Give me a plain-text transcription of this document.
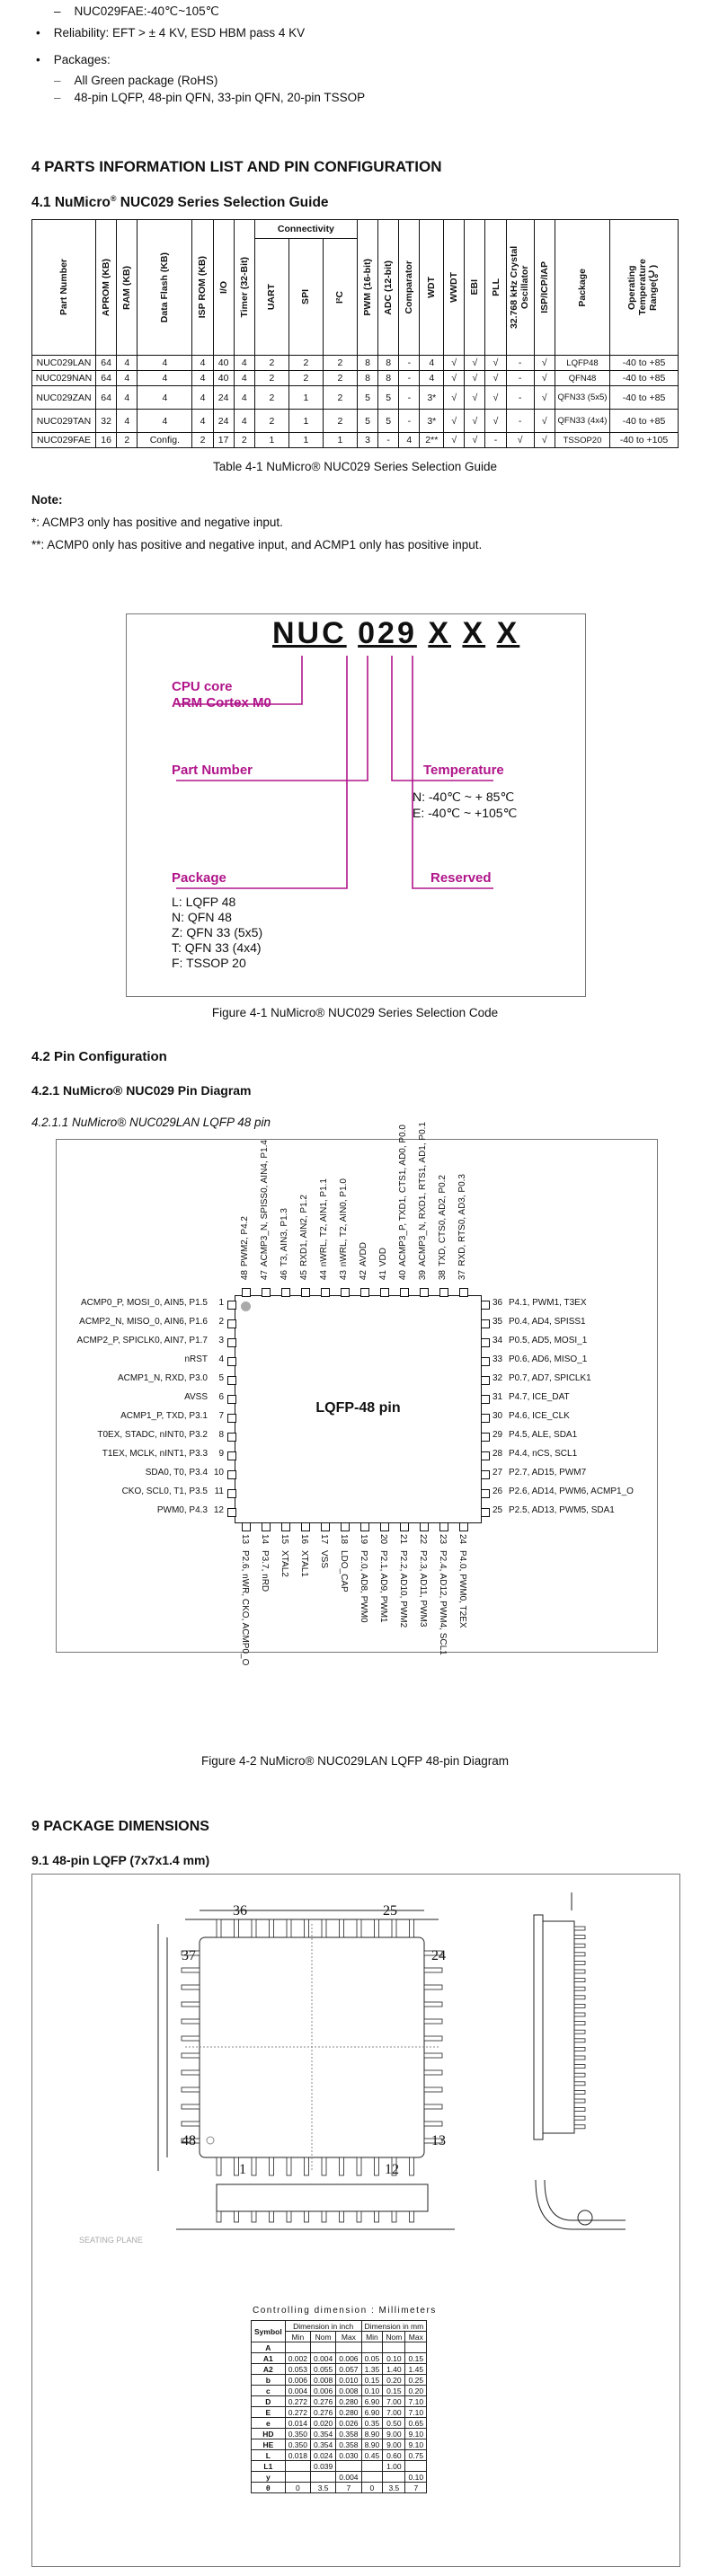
–    NUC029FAE:-40℃~105℃
•    Reliability: EFT > ± 4 KV, ESD HBM pass 4 KV
•    Packages:
– All Green package (RoHS)
– 48-pin LQFP, 48-pin QFN, 33-pin QFN, 20-pin TSSOP
4 PARTS INFORMATION LIST AND PIN CONFIGURATION
4.1 NuMicro® NUC029 Series Selection Guide
Part Number	APROM (KB)	RAM (KB)	Data Flash (KB)	ISP ROM (KB)	I/O	Timer (32-Bit)	Connectivity			PWM (16-bit)	ADC (12-bit)	Comparator	WDT	WWDT	EBI	PLL	32.768 kHz Crystal Oscillator	ISP/ICP/IAP	Package	Operating Temperature Range(℃)

							UART	SPI	I²C											

NUC029LAN	64	4	4	4	40	4	2	2	2	8	8	-	4	√	√	√	-	√	LQFP48	-40 to +85
NUC029NAN	64	4	4	4	40	4	2	2	2	8	8	-	4	√	√	√	-	√	QFN48	-40 to +85
NUC029ZAN	64	4	4	4	24	4	2	1	2	5	5	-	3*	√	√	√	-	√	QFN33 (5x5)	-40 to +85
NUC029TAN	32	4	4	4	24	4	2	1	2	5	5	-	3*	√	√	√	-	√	QFN33 (4x4)	-40 to +85
NUC029FAE	16	2	Config.	2	17	2	1	1	1	3	-	4	2**	√	√	-	√	√	TSSOP20	-40 to +105
Table 4-1 NuMicro® NUC029 Series Selection Guide
Note:
*: ACMP3 only has positive and negative input.
**: ACMP0 only has positive and negative input, and ACMP1 only has positive input.
NUC 029 X X X
CPU core
ARM Cortex M0
Part Number	Temperature
N: -40℃ ~ + 85℃
E: -40℃ ~ +105℃
Package	Reserved
L: LQFP 48
N: QFN 48
Z: QFN 33 (5x5)
T: QFN 33 (4x4)
F: TSSOP 20
Figure 4-1 NuMicro® NUC029 Series Selection Code
4.2 Pin Configuration
4.2.1 NuMicro® NUC029 Pin Diagram
4.2.1.1 NuMicro® NUC029LAN LQFP 48 pin
LQFP-48 pin
1
ACMP0_P, MOSI_0, AIN5, P1.5
2
ACMP2_N, MISO_0, AIN6, P1.6
3
ACMP2_P, SPICLK0, AIN7, P1.7
4
nRST
5
ACMP1_N, RXD, P3.0
6
AVSS
7
ACMP1_P, TXD, P3.1
8
T0EX, STADC, nINT0, P3.2
9
T1EX, MCLK, nINT1, P3.3
10
SDA0, T0, P3.4
11
CKO, SCL0, T1, P3.5
12
PWM0, P4.3
36 P4.1, PWM1, T3EX
35 P0.4, AD4, SPISS1
34 P0.5, AD5, MOSI_1
33 P0.6, AD6, MISO_1
32 P0.7, AD7, SPICLK1
31 P4.7, ICE_DAT
30 P4.6, ICE_CLK
29 P4.5, ALE, SDA1
28 P4.4, nCS, SCL1
27 P2.7, AD15, PWM7
26 P2.6, AD14, PWM6, ACMP1_O
25 P2.5, AD13, PWM5, SDA1
48
PWM2, P4.2
47
ACMP3_N, SPISS0, AIN4, P1.4
46
T3, AIN3, P1.3
45
RXD1, AIN2, P1.2
44
nWRL, T2, AIN1, P1.1
43
nWRL, T2, AIN0, P1.0
42
AVDD
41
VDD
40
ACMP3_P, TXD1, CTS1, AD0, P0.0
39
ACMP3_N, RXD1, RTS1, AD1, P0.1
38
TXD, CTS0, AD2, P0.2
37
RXD, RTS0, AD3, P0.3
13
P2.6, nWR, CKO, ACMP0_O
14
P3.7, nRD
15
XTAL2
16
XTAL1
17
VSS
18
LDO_CAP
19
P2.0, AD8, PWM0
20
P2.1, AD9, PWM1
21
P2.2, AD10, PWM2
22
P2.3, AD11, PWM3
23
P2.4, AD12, PWM4, SCL1
24
P4.0, PWM0, T2EX
Figure 4-2 NuMicro® NUC029LAN LQFP 48-pin Diagram
9 PACKAGE DIMENSIONS
9.1 48-pin LQFP (7x7x1.4 mm)
36	25
37	24
48	13
1	12
SEATING PLANE
Controlling dimension : Millimeters
Symbol	Dimension in inch			Dimension in mm		
	Min	Nom	Max	Min	Nom	Max
A						
A1	0.002	0.004	0.006	0.05	0.10	0.15
A2	0.053	0.055	0.057	1.35	1.40	1.45
b	0.006	0.008	0.010	0.15	0.20	0.25
c	0.004	0.006	0.008	0.10	0.15	0.20
D	0.272	0.276	0.280	6.90	7.00	7.10
E	0.272	0.276	0.280	6.90	7.00	7.10
e	0.014	0.020	0.026	0.35	0.50	0.65
HD	0.350	0.354	0.358	8.90	9.00	9.10
HE	0.350	0.354	0.358	8.90	9.00	9.10
L	0.018	0.024	0.030	0.45	0.60	0.75
L1		0.039			1.00	
y			0.004			0.10
θ	0	3.5	7	0	3.5	7
